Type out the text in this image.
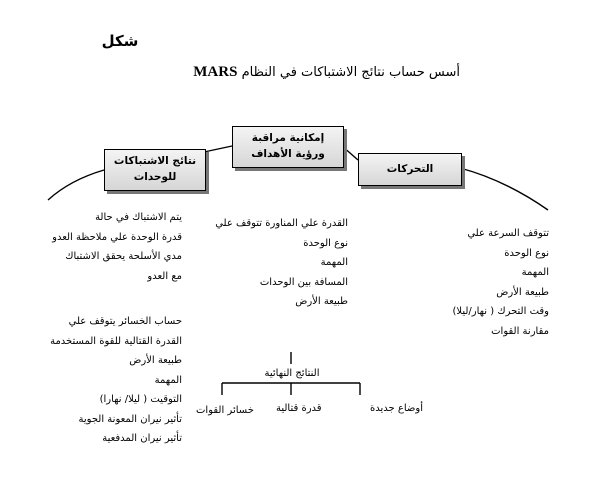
شكل
أسس حساب نتائج الاشتباكات في النظام MARS
إمكانية مراقبة
ورؤية الأهداف
نتائج الاشتباكات
للوحدات
التحركات
تتوقف السرعة علي
نوع الوحدة
المهمة
طبيعة الأرض
وقت التحرك ( نهار/ليلا)
مقارنة القوات
القدرة علي المناورة تتوقف علي
نوع الوحدة
المهمة
المسافة بين الوحدات
طبيعة الأرض
يتم الاشتباك في حالة
قدرة الوحدة علي ملاحظة العدو
مدي الأسلحة يحقق الاشتباك
مع العدو
حساب الخسائر يتوقف علي
القدرة القتالية للقوة المستخدمة
طبيعة الأرض
المهمة
التوقيت ( ليلا/ نهارا)
تأثير نيران المعونة الجوية
تأثير نيران المدفعية
النتائج النهائية
أوضاع جديدة
قدرة قتالية
خسائر القوات
